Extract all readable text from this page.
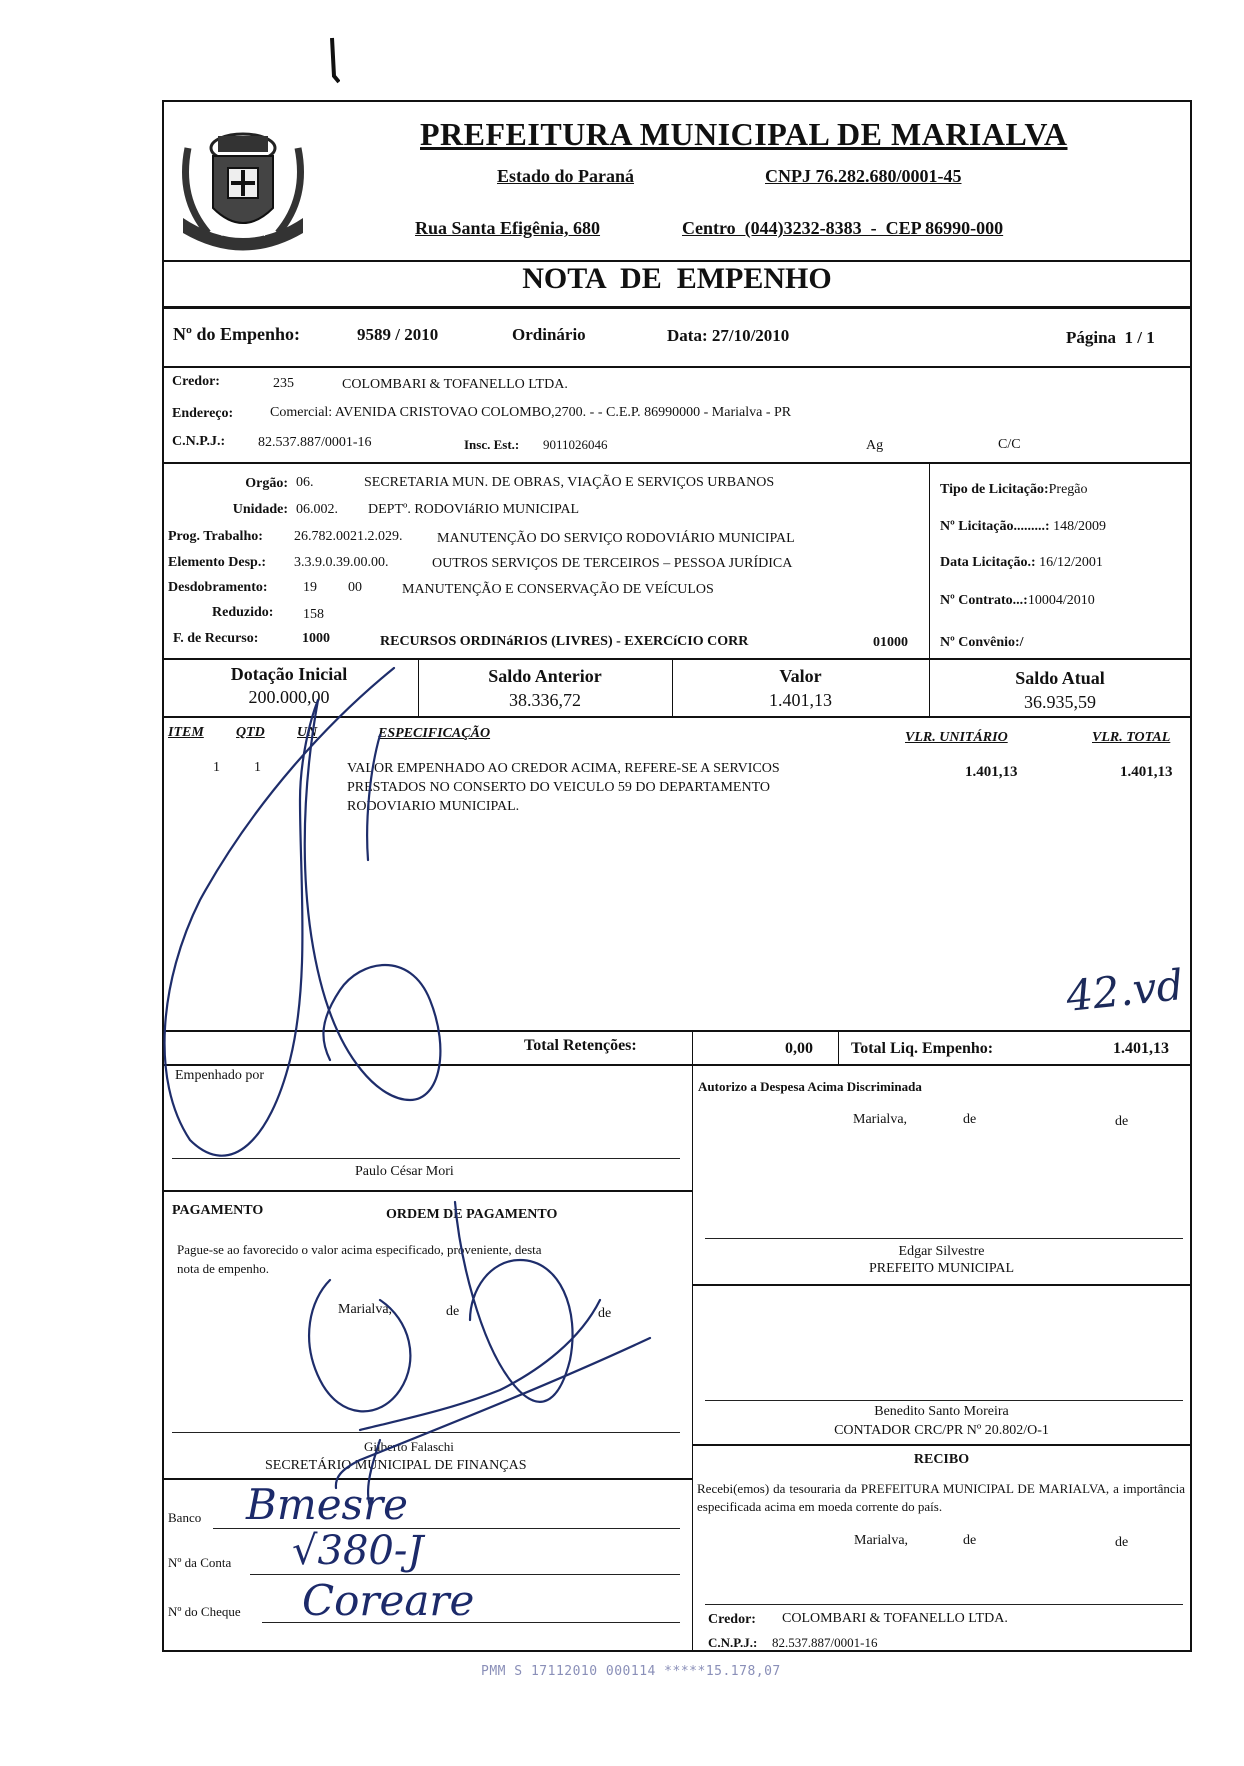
MARIALVA
PREFEITURA MUNICIPAL DE MARIALVA
Estado do Paraná	CNPJ 76.282.680/0001-45
Rua Santa Efigênia, 680	Centro  (044)3232-8383  -  CEP 86990-000
NOTA  DE  EMPENHO
Nº do Empenho:	9589 / 2010	Ordinário	Data: 27/10/2010	Página  1 / 1
Credor:	235	COLOMBARI & TOFANELLO LTDA.
Endereço:	Comercial: AVENIDA CRISTOVAO COLOMBO,2700. - - C.E.P. 86990000 - Marialva - PR
C.N.P.J.: 82.537.887/0001-16	Insc. Est.: 9011026046	Ag	C/C
Orgão: 06.	SECRETARIA MUN. DE OBRAS, VIAÇÃO E SERVIÇOS URBANOS
Unidade: 06.002. DEPTº. RODOVIáRIO MUNICIPAL
Prog. Trabalho: 26.782.0021.2.029. MANUTENÇÃO DO SERVIÇO RODOVIÁRIO MUNICIPAL
Elemento Desp.: 3.3.9.0.39.00.00.	OUTROS SERVIÇOS DE TERCEIROS – PESSOA JURÍDICA
Desdobramento:	19 00	MANUTENÇÃO E CONSERVAÇÃO DE VEÍCULOS
Reduzido: 158
F. de Recurso:	1000	RECURSOS ORDINáRIOS (LIVRES) - EXERCíCIO CORR	01000
Tipo de Licitação:Pregão
Nº Licitação.........: 148/2009
Data Licitação.: 16/12/2001
Nº Contrato...:10004/2010
Nº Convênio:/
Dotação Inicial
200.000,00
Saldo Anterior
38.336,72
Valor
1.401,13
Saldo Atual
36.935,59
ITEM QTD UN	ESPECIFICAÇÃO	VLR. UNITÁRIO	VLR. TOTAL
1 1	VALOR EMPENHADO AO CREDOR ACIMA, REFERE-SE A SERVICOS
PRESTADOS NO CONSERTO DO VEICULO 59 DO DEPARTAMENTO
RODOVIARIO MUNICIPAL.
1.401,13	1.401,13
42.vd
Total Retenções:	0,00 Total Liq. Empenho:	1.401,13
Empenhado por
Paulo César Mori
PAGAMENTO	ORDEM DE PAGAMENTO
Pague-se ao favorecido o valor acima especificado, proveniente, desta
nota de empenho.
Marialva,	de	de
Gilberto Falaschi
SECRETÁRIO MUNICIPAL DE FINANÇAS
Banco Bmesre
Nº da Conta √380-J
Nº do Cheque Coreare
Autorizo a Despesa Acima Discriminada
Marialva,	de	de
Edgar Silvestre
PREFEITO MUNICIPAL
Benedito Santo Moreira
CONTADOR CRC/PR Nº 20.802/O-1
RECIBO
Recebi(emos) da tesouraria da PREFEITURA MUNICIPAL DE MARIALVA, a importância especificada acima em moeda corrente do país.
Marialva,	de	de
Credor: COLOMBARI & TOFANELLO LTDA.
C.N.P.J.: 82.537.887/0001-16
PMM S 17112010 000114 *****15.178,07
